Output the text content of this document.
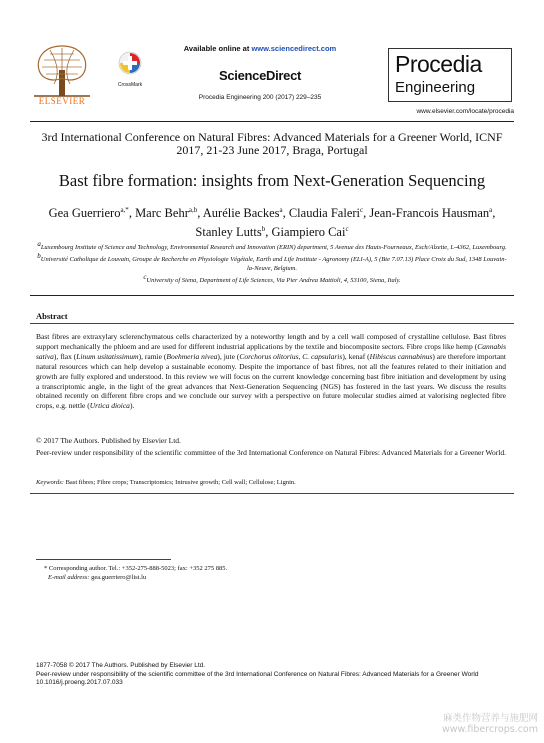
ELSEVIER
CrossMark
Available online at www.sciencedirect.com
ScienceDirect
Procedia Engineering 200 (2017) 229–235
Procedia
Engineering
www.elsevier.com/locate/procedia
3rd International Conference on Natural Fibres: Advanced Materials for a Greener World, ICNF 2017, 21-23 June 2017, Braga, Portugal
Bast fibre formation: insights from Next-Generation Sequencing
Gea Guerriero$^{a,*}$, Marc Behr$^{a,b}$, Aurélie Backes$^a$, Claudia Faleri$^c$, Jean-Francois Hausman$^a$, Stanley Lutts$^b$, Giampiero Cai$^c$

$^a$Luxembourg Institute of Science and Technology, Environmental Research and Innovation (ERIN) department, 5 Avenue des Hauts-Fourneaux, Esch/Alzette, L-4362, Luxembourg.

$^b$Université Catholique de Louvain, Groupe de Recherche en Physiologie Végétale, Earth and Life Institute - Agronomy (ELI-A), 5 (Bte 7.07.13) Place Croix du Sud, 1348 Louvain-la-Neuve, Belgium.

$^c$University of Siena, Department of Life Sciences, Via Pier Andrea Mattioli, 4, 53100, Siena, Italy.

Abstract
Bast fibres are extraxylary sclerenchymatous cells characterized by a noteworthy length and by a cell wall composed of crystalline cellulose. Bast fibres support mechanically the phloem and are used for different industrial applications by the textile and biocomposite sectors. Fibre crops like hemp (Cannabis sativa), flax (Linum usitatissimum), ramie (Boehmeria nivea), jute (Corchorus olitorius, C. capsularis), kenaf (Hibiscus cannabinus) are therefore important natural resources which can help develop a sustainable economy. Despite the importance of bast fibres, not all the features related to their initiation and growth are fully explored and understood. In this review we will focus on the current knowledge concerning bast fibre initiation and development by using a transcriptomic angle, in the light of the great advances that Next-Generation Sequencing (NGS) has fostered in the last years. We discuss the results obtained recently on different fibre crops and we conclude our survey with a perspective on future molecular studies aimed at valorising neglected fibre crops, e.g. nettle (Urtica dioica).
© 2017 The Authors. Published by Elsevier Ltd.
Peer-review under responsibility of the scientific committee of the 3rd International Conference on Natural Fibres: Advanced Materials for a Greener World.
Keywords: Bast fibres; Fibre crops; Transcriptomics; Intrusive growth; Cell wall; Cellulose; Lignin.
* Corresponding author. Tel.: +352-275-888-5023; fax: +352 275 885.
E-mail address: gea.guerriero@list.lu
1877-7058 © 2017 The Authors. Published by Elsevier Ltd.
Peer-review under responsibility of the scientific committee of the 3rd International Conference on Natural Fibres: Advanced Materials for a Greener World
10.1016/j.proeng.2017.07.033
麻类作物营养与施肥网
www.fibercrops.com
